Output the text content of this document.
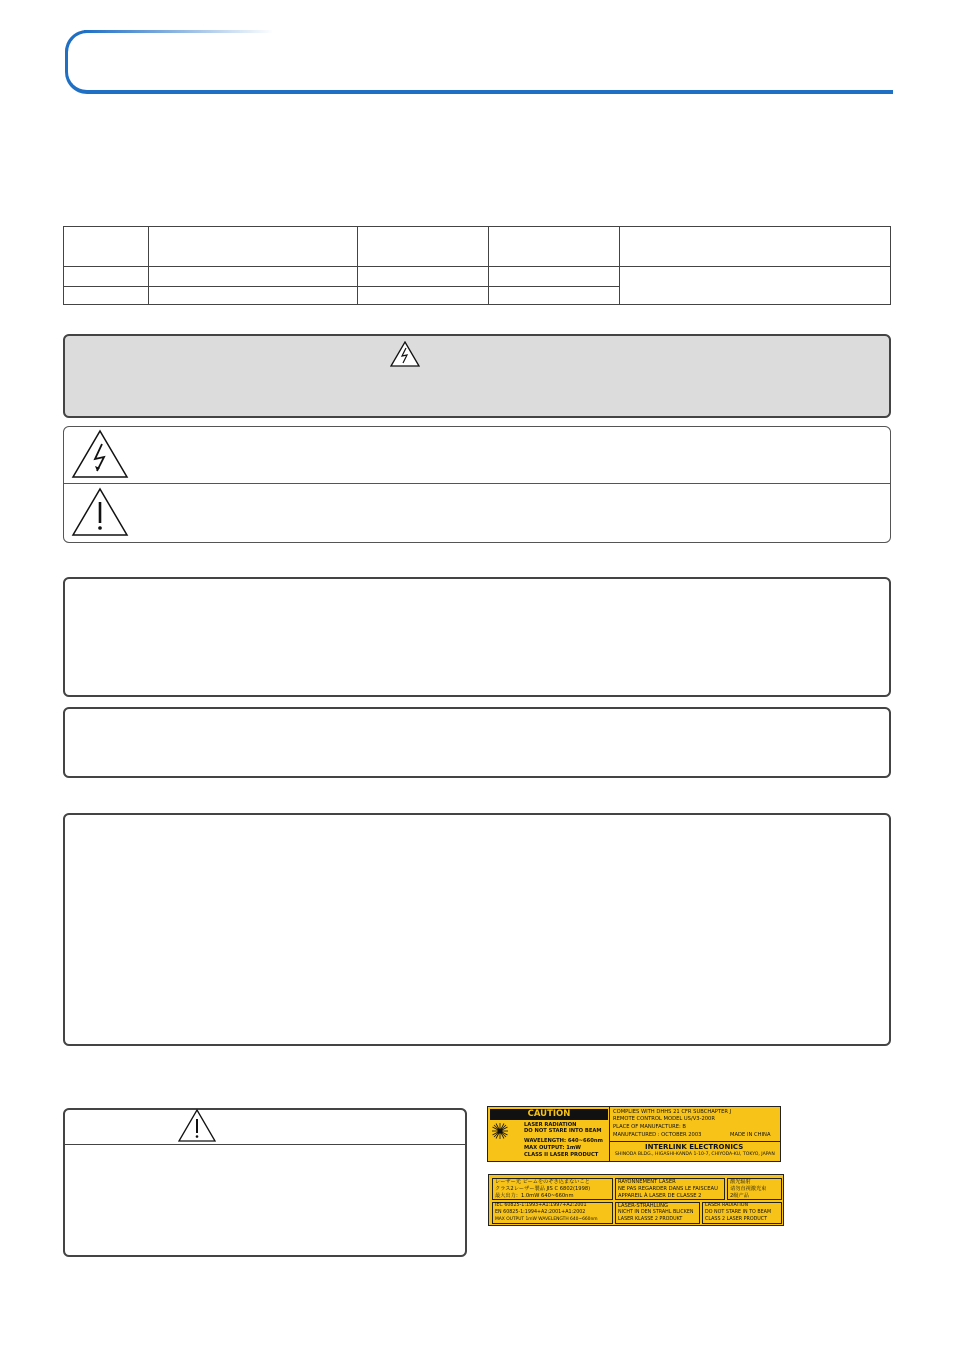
CAUTION
LASER RADIATION
DO NOT STARE INTO BEAM
WAVELENGTH: 640~660nm
MAX OUTPUT: 1mW
CLASS II LASER PRODUCT
COMPLIES WITH DHHS 21 CFR SUBCHAPTER J
REMOTE CONTROL MODEL US/V3-200R
PLACE OF MANUFACTURE: B
MANUFACTURED : OCTOBER 2003	MADE IN CHINA
INTERLINK ELECTRONICS
SHINODA BLDG., HIGASHI-KANDA 1-10-7, CHIYODA-KU, TOKYO, JAPAN
レーザー光 ビームをのぞき込まないこと
クラス2レーザー製品 JIS C 6802(1998)
最大出力：1.0mW 640~660nm
RAYONNEMENT LASER
NE PAS REGARDER DANS LE FAISCEAU
APPAREIL À LASER DE CLASSE 2
激光辐射
请勿直视激光束
2级产品
IEC 60825-1:1993+A1:1997+A2:2001
EN 60825-1:1994+A2:2001+A1:2002
MAX OUTPUT 1mW WAVELENGTH 640~660nm
LASER-STRAHLUNG
NICHT IN DEN STRAHL BLICKEN
LASER KLASSE 2 PRODUKT
LASER RADIATION
DO NOT STARE IN TO BEAM
CLASS 2 LASER PRODUCT
